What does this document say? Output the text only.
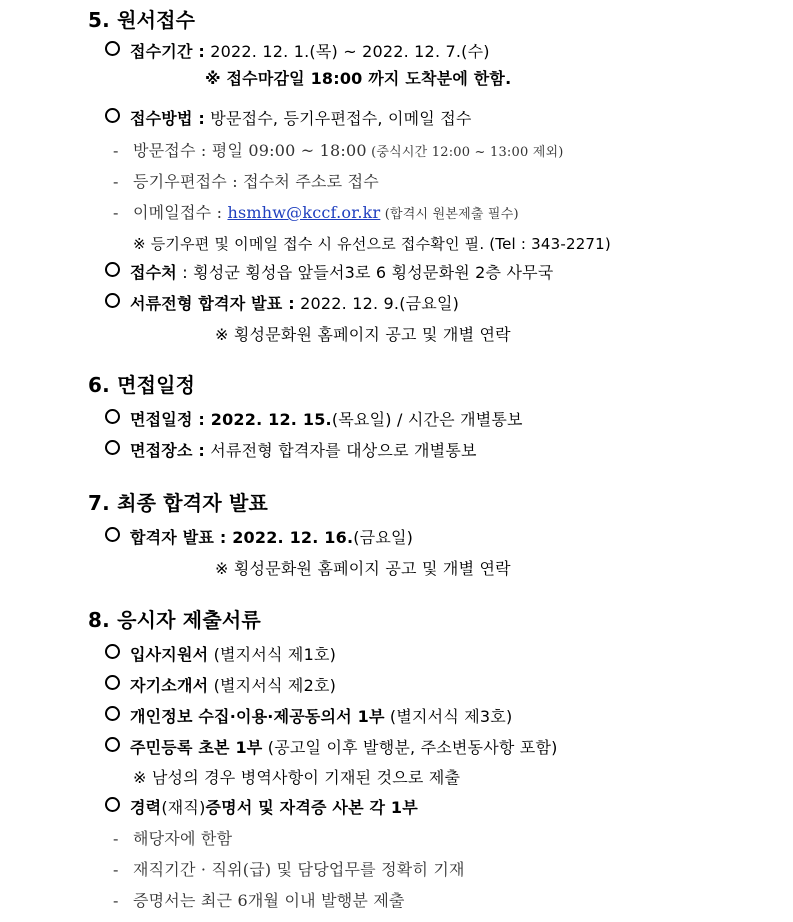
5. 원서접수
접수기간 : 2022. 12. 1.(목) ~ 2022. 12. 7.(수)
※ 접수마감일 18:00 까지 도착분에 한함.
접수방법 : 방문접수, 등기우편접수, 이메일 접수
- 방문접수 : 평일 09:00 ~ 18:00 (중식시간 12:00 ~ 13:00 제외)
- 등기우편접수 : 접수처 주소로 접수
- 이메일접수 : hsmhw@kccf.or.kr (합격시 원본제출 필수)
※ 등기우편 및 이메일 접수 시 유선으로 접수확인 필. (Tel : 343-2271)
접수처 : 횡성군 횡성읍 앞들서3로 6 횡성문화원 2층 사무국
서류전형 합격자 발표 : 2022. 12. 9.(금요일)
※ 횡성문화원 홈페이지 공고 및 개별 연락
6. 면접일정
면접일정 : 2022. 12. 15.(목요일) / 시간은 개별통보
면접장소 : 서류전형 합격자를 대상으로 개별통보
7. 최종 합격자 발표
합격자 발표 : 2022. 12. 16.(금요일)
※ 횡성문화원 홈페이지 공고 및 개별 연락
8. 응시자 제출서류
입사지원서 (별지서식 제1호)
자기소개서 (별지서식 제2호)
개인정보 수집·이용·제공동의서 1부 (별지서식 제3호)
주민등록 초본 1부 (공고일 이후 발행분, 주소변동사항 포함)
※ 남성의 경우 병역사항이 기재된 것으로 제출
경력(재직)증명서 및 자격증 사본 각 1부
- 해당자에 한함
- 재직기간 · 직위(급) 및 담당업무를 정확히 기재
- 증명서는 최근 6개월 이내 발행분 제출
